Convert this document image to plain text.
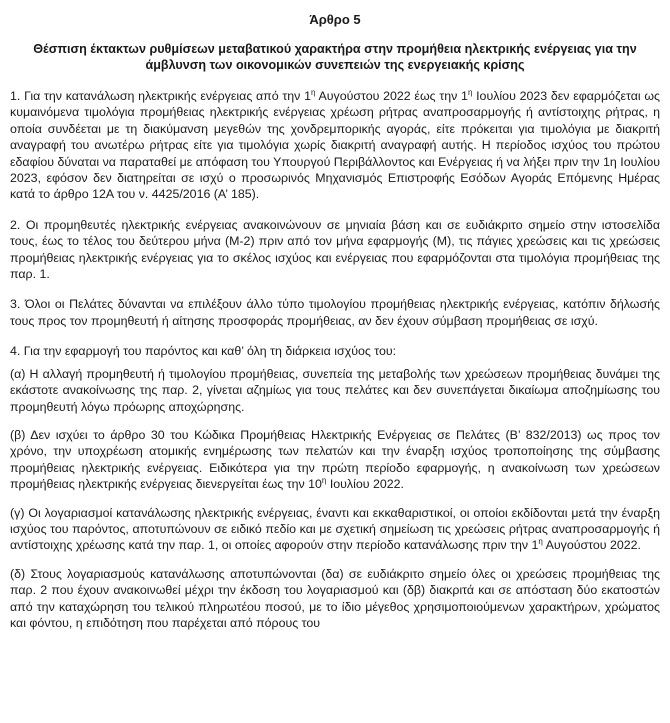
Άρθρο 5
Θέσπιση έκτακτων ρυθμίσεων μεταβατικού χαρακτήρα στην προμήθεια ηλεκτρικής ενέργειας για την άμβλυνση των οικονομικών συνεπειών της ενεργειακής κρίσης

1. Για την κατανάλωση ηλεκτρικής ενέργειας από την $1^\eta$ Αυγούστου 2022 έως την $1^\eta$ Ιουλίου 2023 δεν εφαρμόζεται ως κυμαινόμενα τιμολόγια προμήθειας ηλεκτρικής ενέργειας χρέωση ρήτρας αναπροσαρμογής ή αντίστοιχης ρήτρας, η οποία συνδέεται με τη διακύμανση μεγεθών της χονδρεμπορικής αγοράς, είτε πρόκειται για τιμολόγια με διακριτή αναγραφή του ανωτέρω ρήτρας είτε για τιμολόγια χωρίς διακριτή αναγραφή αυτής. Η περίοδος ισχύος του πρώτου εδαφίου δύναται να παραταθεί με απόφαση του Υπουργού Περιβάλλοντος και Ενέργειας ή να λήξει πριν την 1η Ιουλίου 2023, εφόσον δεν διατηρείται σε ισχύ ο προσωρινός Μηχανισμός Επιστροφής Εσόδων Αγοράς Επόμενης Ημέρας κατά το άρθρο 12Α του ν. 4425/2016 (Α’ 185).

2. Οι προμηθευτές ηλεκτρικής ενέργειας ανακοινώνουν σε μηνιαία βάση και σε ευδιάκριτο σημείο στην ιστοσελίδα τους, έως το τέλος του δεύτερου μήνα (Μ-2) πριν από τον μήνα εφαρμογής (Μ), τις πάγιες χρεώσεις και τις χρεώσεις προμήθειας ηλεκτρικής ενέργειας για το σκέλος ισχύος και ενέργειας που εφαρμόζονται στα τιμολόγια προμήθειας της παρ. 1.

3. Όλοι οι Πελάτες δύνανται να επιλέξουν άλλο τύπο τιμολογίου προμήθειας ηλεκτρικής ενέργειας, κατόπιν δήλωσής τους προς τον προμηθευτή ή αίτησης προσφοράς προμήθειας, αν δεν έχουν σύμβαση προμήθειας σε ισχύ.

4. Για την εφαρμογή του παρόντος και καθ’ όλη τη διάρκεια ισχύος του:

(α) Η αλλαγή προμηθευτή ή τιμολογίου προμήθειας, συνεπεία της μεταβολής των χρεώσεων προμήθειας δυνάμει της εκάστοτε ανακοίνωσης της παρ. 2, γίνεται αζημίως για τους πελάτες και δεν συνεπάγεται δικαίωμα αποζημίωσης του προμηθευτή λόγω πρόωρης αποχώρησης.

(β) Δεν ισχύει το άρθρο 30 του Κώδικα Προμήθειας Ηλεκτρικής Ενέργειας σε Πελάτες (Β’ 832/2013) ως προς τον χρόνο, την υποχρέωση ατομικής ενημέρωσης των πελατών και την έναρξη ισχύος τροποποίησης της σύμβασης προμήθειας ηλεκτρικής ενέργειας. Ειδικότερα για την πρώτη περίοδο εφαρμογής, η ανακοίνωση των χρεώσεων προμήθειας ηλεκτρικής ενέργειας διενεργείται έως την $10^\eta$ Ιουλίου 2022.

(γ) Οι λογαριασμοί κατανάλωσης ηλεκτρικής ενέργειας, έναντι και εκκαθαριστικοί, οι οποίοι εκδίδονται μετά την έναρξη ισχύος του παρόντος, αποτυπώνουν σε ειδικό πεδίο και με σχετική σημείωση τις χρεώσεις ρήτρας αναπροσαρμογής ή αντίστοιχης χρέωσης κατά την παρ. 1, οι οποίες αφορούν στην περίοδο κατανάλωσης πριν την $1^\eta$ Αυγούστου 2022.

(δ) Στους λογαριασμούς κατανάλωσης αποτυπώνονται (δα) σε ευδιάκριτο σημείο όλες οι χρεώσεις προμήθειας της παρ. 2 που έχουν ανακοινωθεί μέχρι την έκδοση του λογαριασμού και (δβ) διακριτά και σε απόσταση δύο εκατοστών από την καταχώρηση του τελικού πληρωτέου ποσού, με το ίδιο μέγεθος χρησιμοποιούμενων χαρακτήρων, χρώματος και φόντου, η επιδότηση που παρέχεται από πόρους του
